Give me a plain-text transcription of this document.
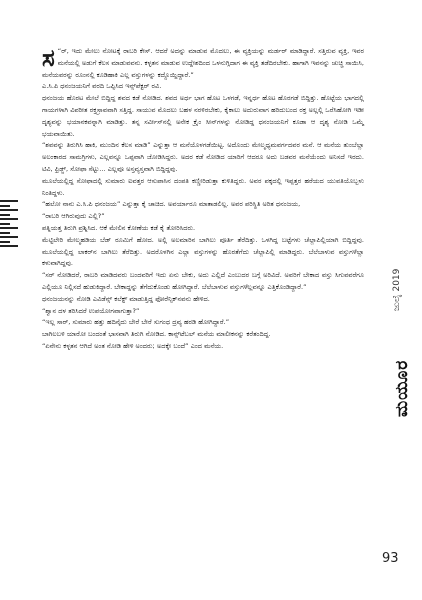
ಸ “ರ್, ಇದು ಮೇಲು ನೋಟಕ್ಕೆ ರಾಬರಿ ಕೇಸ್. ಆದರೆ ಅದನ್ನು ಮಾಡುವ ಮೊದಲು, ಈ ವ್ಯಕ್ತಿಯನ್ನು ಮರ್ಡರ್ ಮಾಡಿದ್ದಾರೆ. ಸತ್ತಿರುವ ವ್ಯಕ್ತಿ, ಇವರ ಮನೆಯಲ್ಲಿ ಅಡುಗೆ ಕೆಲಸ ಮಾಡುವವನು. ಕಳ್ಳತನ ಮಾಡುವ ಉದ್ದೇಶದಿಂದ ಒಳನುಗ್ಗಿದಾಗ ಈ ವ್ಯಕ್ತಿ ತಡೆದಿರಬೇಕು. ಹಾಗಾಗಿ ಇವನನ್ನು ಚುಚ್ಚಿ ಸಾಯಿಸಿ, ಮನೆಯವರನ್ನು ರೂಂನಲ್ಲಿ ಕೂಡಿಹಾಕಿ ಎಲ್ಲ ವಸ್ತುಗಳನ್ನು ಕದ್ದೊಯ್ದಿದ್ದಾರೆ.”

ಎ.ಸಿ.ಪಿ ಧನಂಜಯನಿಗೆ ವರದಿ ಒಪ್ಪಿಸಿದ ಇನ್ಸ್‌ಪೆಕ್ಟರ್ ರವಿ.

ಧನಂಜಯ ಹೊರಟ ಮೇಲೆ ಬಿದ್ದಿದ್ದ ಶವದ ಕಡೆ ನೋಡಿದ. ಶವದ ಅರ್ಧ ಭಾಗ ಹೊಟ ಒಳಗಡೆ, ಇನ್ನರ್ಧ ಹೊಟ ಹೊರಗಡೆ ಬಿದ್ದಿತ್ತು. ಹೊಟ್ಟೆಯ ಭಾಗದಲ್ಲಿ ಗಾಯಗಳಾಗಿ ವಿಪರೀತ ರಕ್ತಸ್ರಾವವಾಗಿ ಸತ್ತಿದ್ದ. ಸಾಯುವ ಮೊದಲು ಬಹಳ ನರಳಿರಬೇಕು, ಕೈಕಾಲು ಅದುರುವಾಗ ಹರಿದುಬಂದ ರಕ್ತ ಅಲ್ಲಲ್ಲಿ ಒರೆಸಿಹೋಗಿ ಇಡೀ ದೃಶ್ಯವನ್ನು ಭಯಾನಕವನ್ನಾಗಿ ಮಾಡಿತ್ತು. ತನ್ನ ಸರ್ವೀಸ್‌ನಲ್ಲಿ ಅನೇಕ ಕ್ರೈಂ ಸೀನ್‌ಗಳನ್ನು ನೋಡಿದ್ದ ಧನಂಜಯನಿಗೆ ಕೂಡಾ ಆ ದೃಶ್ಯ ನೋಡಿ ಒಮ್ಮೆ ಭಯವಾಯಿತು.

“ಶವವನ್ನು ತಿರುಗಿಸಿ ಹಾಕಿ, ಮುಂದಿನ ಕೆಲಸ ಮಾಡಿ” ಎನ್ನುತ್ತಾ ಆ ಮನೆಯೊಳಗಡೆಯಿಟ್ಟ. ಅದೊಂದು ಮೇಲ್ಮಧ್ಯಮವರ್ಗದವರ ಮನೆ. ಆ ಮನೆಯ ತುಂಬೆಲ್ಲಾ ಅಲಂಕಾರದ ಸಾಮಗ್ರಿಗಳು, ಎಲ್ಲವನ್ನೂ ಒಪ್ಪವಾಗಿ ಜೋಡಿಸಿದ್ದರು. ಅದರ ಕಡೆ ನೋಡಿದ ಯಾರಿಗೆ ಆದರೂ ಅದು ಬಡವರ ಮನೆಯೆಂದು ಅನಿಸದೆ ಇರದು. ಟಿವಿ, ಫ್ರಿಡ್ಜ್, ಸೋಫಾ ಸೆಟ್ಟು... ಎಲ್ಲವೂ ಅಸ್ತವ್ಯಸ್ತವಾಗಿ ಬಿದ್ದಿದ್ದವು.

ಮೂಲೆಯಲ್ಲಿದ್ದ ಸೋಫಾದಲ್ಲಿ ಸುಮಾರು ಐವತ್ತರ ಆಸುಪಾಸಿನ ದಂಪತಿ ಕಣ್ಣೀರಿಡುತ್ತಾ ಕುಳಿತಿದ್ದರು. ಅವರ ಪಕ್ಕದಲ್ಲಿ ಇಪ್ಪತ್ತರ ಹರೆಯದ ಯುವತಿಯೊಬ್ಬಳು ನಿಂತಿದ್ದಳು.

“ಹಲೋ ನಾನು ಎ.ಸಿ.ಪಿ ಧನಂಜಯ” ಎನ್ನುತ್ತಾ ಕೈ ಚಾಚಿದ. ಅವರ್ಯಾರೂ ಮಾತಾಡಲಿಲ್ಲ. ಅವರ ಪರಿಸ್ಥಿತಿ ಅರಿತ ಧನಂಜಯ,

“ರಾಬರಿ ಆಗಿರುವುದು ಎಲ್ಲಿ?”

ಪತ್ನಿಯತ್ತ ತಿರುಗಿ ಪ್ರಶ್ನಿಸಿದ. ಆಕೆ ಮೇಲಿನ ಕೋಣೆಯ ಕಡೆ ಕೈ ತೋರಿಸಿದರು.

ಮೆಟ್ಟಿಲೇರಿ ಮೇಲ್ಮಹಡಿಯ ಬೆಡ್ ರೂಮಿಗೆ ಹೋದ. ಅಲ್ಲಿ ಅಲಮಾರಿನ ಬಾಗಿಲು ಪೂರ್ತಿ ತೆರೆದಿತ್ತು. ಒಳಗಿದ್ದ ಬಟ್ಟೆಗಳು ಚೆಲ್ಲಾಪಿಲ್ಲಿಯಾಗಿ ಬಿದ್ದಿದ್ದವು. ಮೂಲೆಯಲ್ಲಿದ್ದ ಲಾಕರ್‌ನ ಬಾಗಿಲು ತೆರೆದಿತ್ತು. ಅದರೊಳಗಿನ ಎಲ್ಲಾ ವಸ್ತುಗಳನ್ನು ಹೊರತೆಗೆದು ಚೆಲ್ಲಾಪಿಲ್ಲಿ ಮಾಡಿದ್ದರು. ಬೆಲೆಬಾಳುವ ವಸ್ತುಗಳೆಲ್ಲಾ ಕಳುವಾಗಿದ್ದವು.

“ಸರ್ ನೋಡಿದರೆ, ರಾಬರಿ ಮಾಡಿದವರು ಬಂದವರಿಗೆ ಇದು ಏನು ಬೇಕು, ಅದು ಎಲ್ಲಿದೆ ಎಂಬುದರ ಬಗ್ಗೆ ಅರಿವಿದೆ. ಅವರಿಗೆ ಬೇಕಾದ ವಸ್ತು ಸಿಗುವವರೆಗೂ ಎಲ್ಲಿಯೂ ನಿಲ್ಲಿಸದೆ ಹುಡುಕಿದ್ದಾರೆ. ಬೇಕಾದ್ದನ್ನು ತೆಗೆದುಕೊಂಡು ಹೋಗಿದ್ದಾರೆ. ಬೆಲೆಬಾಳುವ ವಸ್ತುಗಳೆಲ್ಲವನ್ನೂ ಎತ್ತಿಕೊಂಡಿದ್ದಾರೆ.”

ಧನಂಜಯನನ್ನು ನೋಡಿ ಎವಿಡೆನ್ಸ್ ಕಲೆಕ್ಟ್ ಮಾಡುತ್ತಿದ್ದ ಫೋರೆನ್ಸಿಕ್‌ನವನು ಹೇಳಿದ.

“ಶ್ವಾನ ದಳ ತರಿಸಿದರೆ ಉಪಯೋಗವಾಗುತ್ತಾ?”

“ಇಲ್ಲ ಸಾರ್, ಸುಮಾರು ಹತ್ತು ಹದಿನೈದು ಬೇರೆ ಬೇರೆ ಸುಗಂಧ ದ್ರವ್ಯ ಹರಡಿ ಹೋಗಿದ್ದಾರೆ.”

ಬಾಗಿಲಬಳಿ ಯಾರೋ ಬಂದಂತೆ ಭಾಸವಾಗಿ ತಿರುಗಿ ನೋಡಿದ. ಕಾನ್ಸ್‌ಟೆಬಲ್ ಮನೆಯ ಮಾಲೀಕನನ್ನು ಕರೆತಂದಿದ್ದ.

“ಏನೇನು ಕಳ್ಳತನ ಆಗಿದೆ ಅಂತ ನೋಡಿ ಹೇಳಿ ಅಂದರು; ಅದಕ್ಕೇ ಬಂದೆ” ಎಂದ ಮನೆಯ.

ಜುಲೈ 2019
ಮಯೂರ
93
